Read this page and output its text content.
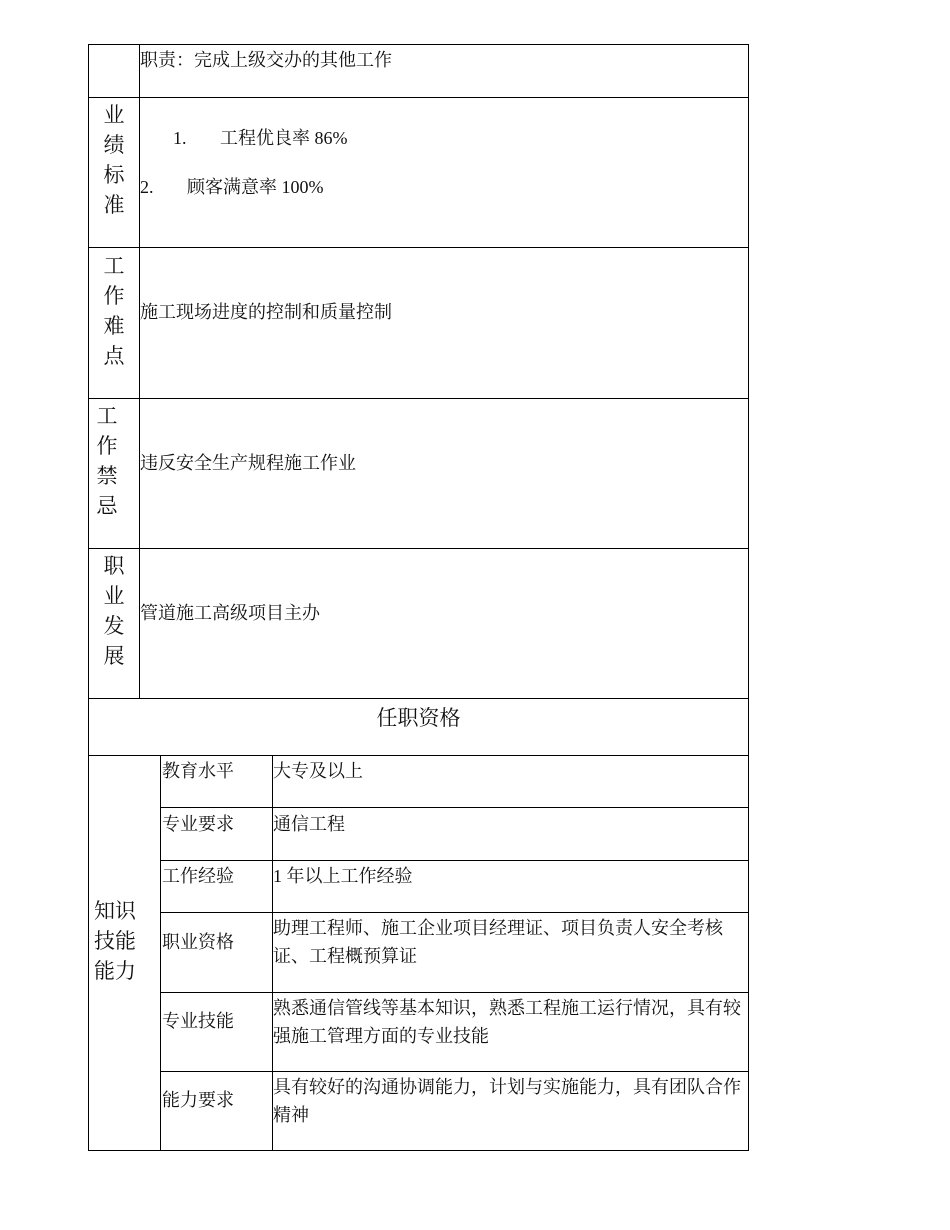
职责：完成上级交办的其他工作
业绩标准
1. 工程优良率 86%
2. 顾客满意率 100%
工作难点
施工现场进度的控制和质量控制
工作禁忌
违反安全生产规程施工作业
职业发展
管道施工高级项目主办
任职资格
知识技能能力
教育水平 大专及以上
专业要求 通信工程
工作经验 1 年以上工作经验
职业资格
助理工程师、施工企业项目经理证、项目负责人安全考核证、工程概预算证
专业技能
熟悉通信管线等基本知识，熟悉工程施工运行情况，具有较强施工管理方面的专业技能
能力要求
具有较好的沟通协调能力，计划与实施能力，具有团队合作精神
